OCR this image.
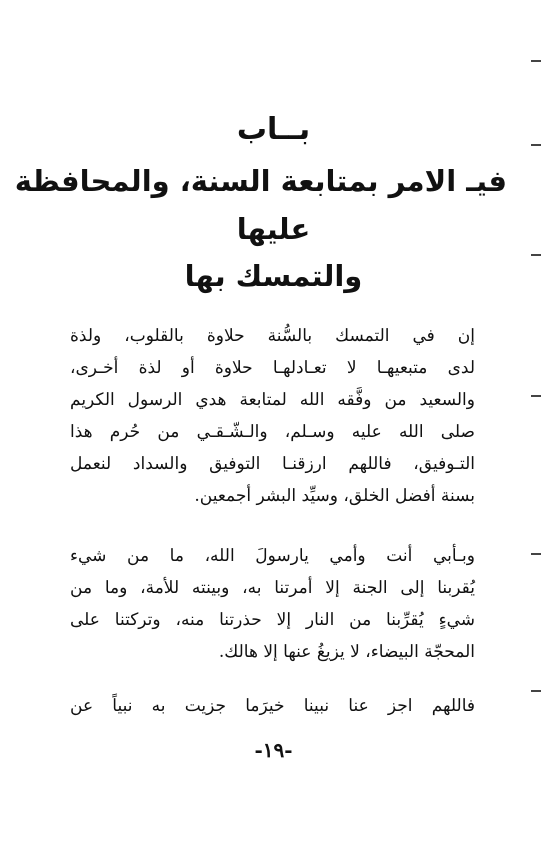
بــاب
فيـ الامر بمتابعة السنة، والمحافظة
عليها
والتمسك بها
إن في التمسك بالسُّنة حلاوة بالقلوب، ولذة
لدى متبعيهـا لا تعـادلهـا حلاوة أو لذة أخـرى،
والسعيد من وفَّقه الله لمتابعة هدي الرسول الكريم
صلى الله عليه وسـلم، والـشّـقـي من حُرم هذا
التـوفيق، فاللهم ارزقنـا التوفيق والسداد لنعمل
بسنة أفضل الخلق، وسيِّد البشر أجمعين.
وبـأبي أنت وأمي يارسولَ الله، ما من شيء
يُقربنا إلى الجنة إلا أمرتنا به، وبينته للأمة، وما من
شيءٍ يُقرِّبنا من النار إلا حذرتنا منه، وتركتنا على
المحجّة البيضاء، لا يزيغُ عنها إلا هالك.
فاللهم اجز عنا نبينا خيرَما جزيت به نبياً عن
-١٩-
